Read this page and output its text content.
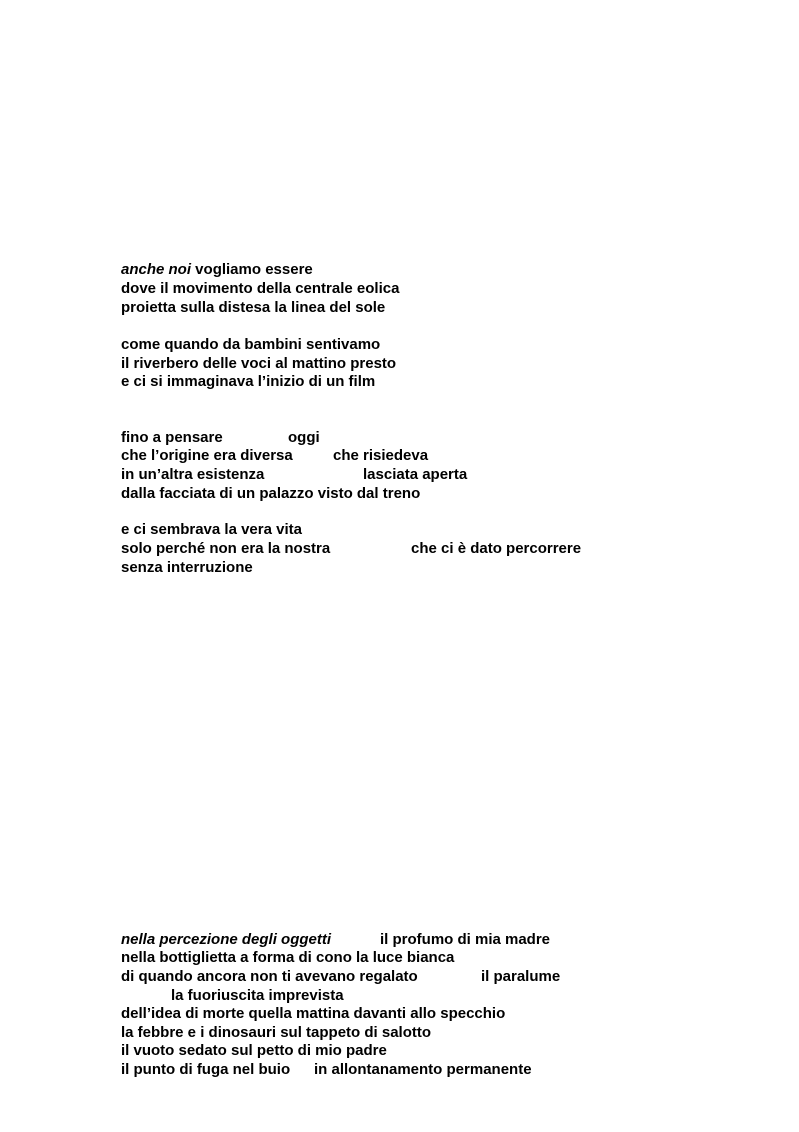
anche noi vogliamo essere
dove il movimento della centrale eolica
proietta sulla distesa la linea del sole
come quando da bambini sentivamo
il riverbero delle voci al mattino presto
e ci si immaginava l’inizio di un film
fino a pensare	oggi
che l’origine era diversa	che risiedeva
in un’altra esistenza	lasciata aperta
dalla facciata di un palazzo visto dal treno
e ci sembrava la vera vita
solo perché non era la nostra	che ci è dato percorrere
senza interruzione
nella percezione degli oggetti	il profumo di mia madre
nella bottiglietta a forma di cono la luce bianca
di quando ancora non ti avevano regalato	il paralume
la fuoriuscita imprevista
dell’idea di morte quella mattina davanti allo specchio
la febbre e i dinosauri sul tappeto di salotto
il vuoto sedato sul petto di mio padre
il punto di fuga nel buio in allontanamento permanente
